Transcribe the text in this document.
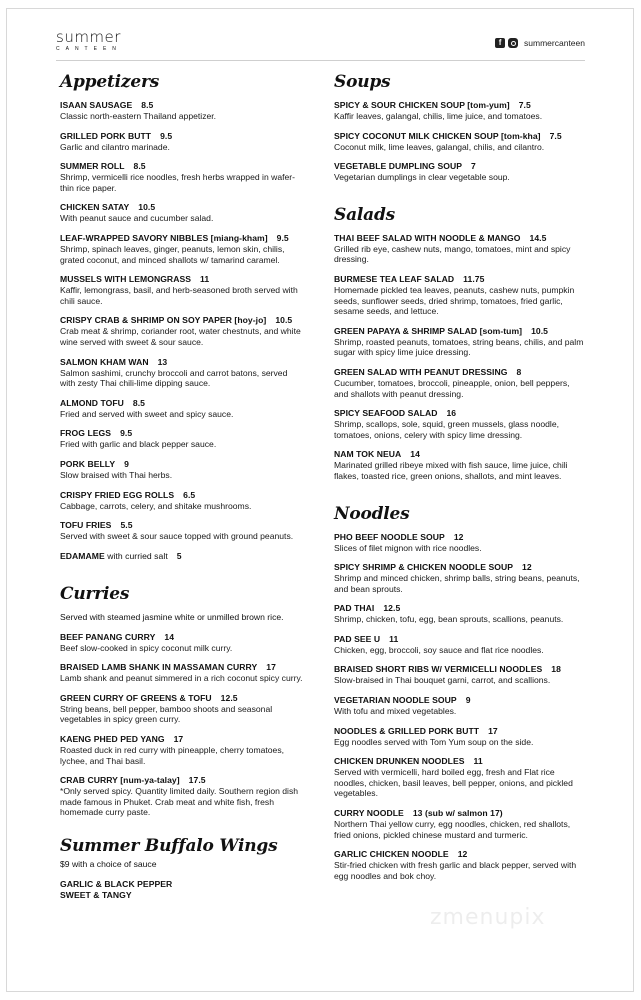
summer
CANTEEN
f	summercanteen
Appetizers
ISAAN SAUSAGE 8.5
Classic north-eastern Thailand appetizer.
GRILLED PORK BUTT 9.5
Garlic and cilantro marinade.
SUMMER ROLL 8.5
Shrimp, vermicelli rice noodles, fresh herbs wrapped in wafer-thin rice paper.
CHICKEN SATAY 10.5
With peanut sauce and cucumber salad.
LEAF-WRAPPED SAVORY NIBBLES [miang-kham] 9.5
Shrimp, spinach leaves, ginger, peanuts, lemon skin, chilis, grated coconut, and minced shallots w/ tamarind caramel.
MUSSELS WITH LEMONGRASS 11
Kaffir, lemongrass, basil, and herb-seasoned broth served with chili sauce.
CRISPY CRAB & SHRIMP ON SOY PAPER [hoy-jo] 10.5
Crab meat & shrimp, coriander root, water chestnuts, and white wine served with sweet & sour sauce.
SALMON KHAM WAN 13
Salmon sashimi, crunchy broccoli and carrot batons, served with zesty Thai chili-lime dipping sauce.
ALMOND TOFU 8.5
Fried and served with sweet and spicy sauce.
FROG LEGS 9.5
Fried with garlic and black pepper sauce.
PORK BELLY 9
Slow braised with Thai herbs.
CRISPY FRIED EGG ROLLS 6.5
Cabbage, carrots, celery, and shitake mushrooms.
TOFU FRIES 5.5
Served with sweet & sour sauce topped with ground peanuts.
EDAMAME with curried salt 5
Curries
Served with steamed jasmine white or unmilled brown rice.
BEEF PANANG CURRY 14
Beef slow-cooked in spicy coconut milk curry.
BRAISED LAMB SHANK IN MASSAMAN CURRY 17
Lamb shank and peanut simmered in a rich coconut spicy curry.
GREEN CURRY OF GREENS & TOFU 12.5
String beans, bell pepper, bamboo shoots and seasonal vegetables in spicy green curry.
KAENG PHED PED YANG 17
Roasted duck in red curry with pineapple, cherry tomatoes, lychee, and Thai basil.
CRAB CURRY [num-ya-talay] 17.5
*Only served spicy. Quantity limited daily. Southern region dish made famous in Phuket. Crab meat and white fish, fresh homemade curry paste.
Summer Buffalo Wings
$9 with a choice of sauce
GARLIC & BLACK PEPPER
SWEET & TANGY
Soups
SPICY & SOUR CHICKEN SOUP [tom-yum] 7.5
Kaffir leaves, galangal, chilis, lime juice, and tomatoes.
SPICY COCONUT MILK CHICKEN SOUP [tom-kha] 7.5
Coconut milk, lime leaves, galangal, chilis, and cilantro.
VEGETABLE DUMPLING SOUP 7
Vegetarian dumplings in clear vegetable soup.
Salads
THAI BEEF SALAD WITH NOODLE & MANGO 14.5
Grilled rib eye, cashew nuts, mango, tomatoes, mint and spicy dressing.
BURMESE TEA LEAF SALAD 11.75
Homemade pickled tea leaves, peanuts, cashew nuts, pumpkin seeds, sunflower seeds, dried shrimp, tomatoes, fried garlic, sesame seeds, and lettuce.
GREEN PAPAYA & SHRIMP SALAD [som-tum] 10.5
Shrimp, roasted peanuts, tomatoes, string beans, chilis, and palm sugar with spicy lime juice dressing.
GREEN SALAD WITH PEANUT DRESSING 8
Cucumber, tomatoes, broccoli, pineapple, onion, bell peppers, and shallots with peanut dressing.
SPICY SEAFOOD SALAD 16
Shrimp, scallops, sole, squid, green mussels, glass noodle, tomatoes, onions, celery with spicy lime dressing.
NAM TOK NEUA 14
Marinated grilled ribeye mixed with fish sauce, lime juice, chili flakes, toasted rice, green onions, shallots, and mint leaves.
Noodles
PHO BEEF NOODLE SOUP 12
Slices of filet mignon with rice noodles.
SPICY SHRIMP & CHICKEN NOODLE SOUP 12
Shrimp and minced chicken, shrimp balls, string beans, peanuts, and bean sprouts.
PAD THAI 12.5
Shrimp, chicken, tofu, egg, bean sprouts, scallions, peanuts.
PAD SEE U 11
Chicken, egg, broccoli, soy sauce and flat rice noodles.
BRAISED SHORT RIBS W/ VERMICELLI NOODLES 18
Slow-braised in Thai bouquet garni, carrot, and scallions.
VEGETARIAN NOODLE SOUP 9
With tofu and mixed vegetables.
NOODLES & GRILLED PORK BUTT 17
Egg noodles served with Tom Yum soup on the side.
CHICKEN DRUNKEN NOODLES 11
Served with vermicelli, hard boiled egg, fresh and Flat rice noodles, chicken, basil leaves, bell pepper, onions, and pickled vegetables.
CURRY NOODLE 13 (sub w/ salmon 17)
Northern Thai yellow curry, egg noodles, chicken, red shallots, fried onions, pickled chinese mustard and turmeric.
GARLIC CHICKEN NOODLE 12
Stir-fried chicken with fresh garlic and black pepper, served with egg noodles and bok choy.
zmenupix
